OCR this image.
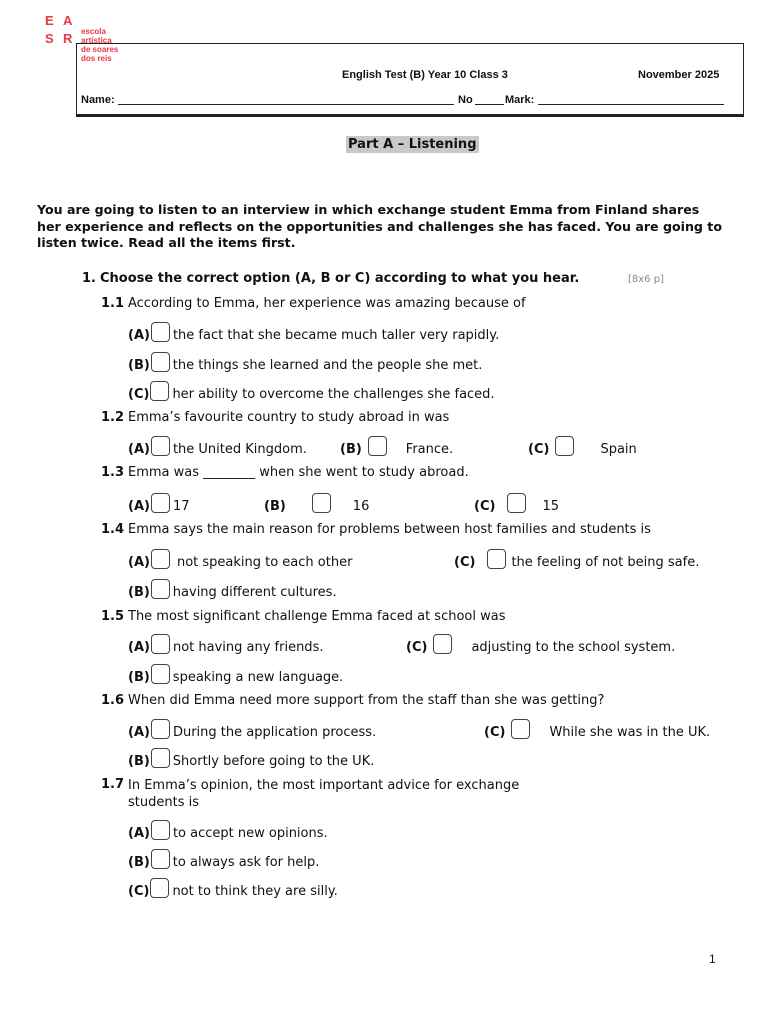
E A
S R escola
artística
de soares
dos reis
English Test (B) Year 10 Class 3	November 2025
Name:	No	Mark:
Part A – Listening
You are going to listen to an interview in which exchange student Emma from Finland shares her experience and reflects on the opportunities and challenges she has faced. You are going to listen twice. Read all the items first.
1. Choose the correct option (A, B or C) according to what you hear.	[8x6 p]
1.1 According to Emma, her experience was amazing because of
(A) the fact that she became much taller very rapidly.
(B) the things she learned and the people she met.
(C) her ability to overcome the challenges she faced.
1.2 Emma’s favourite country to study abroad in was
(A) the United Kingdom.	(B)	France.	(C)	Spain
1.3 Emma was ________ when she went to study abroad.
(A) 17	(B)	16	(C)	15
1.4 Emma says the main reason for problems between host families and students is
(A) not speaking to each other	(C)	the feeling of not being safe.
(B) having different cultures.
1.5 The most significant challenge Emma faced at school was
(A) not having any friends.	(C)	adjusting to the school system.
(B) speaking a new language.
1.6 When did Emma need more support from the staff than she was getting?
(A) During the application process.	(C)	While she was in the UK.
(B) Shortly before going to the UK.
1.7 In Emma’s opinion, the most important advice for exchange students is
(A) to accept new opinions.
(B) to always ask for help.
(C) not to think they are silly.
1
